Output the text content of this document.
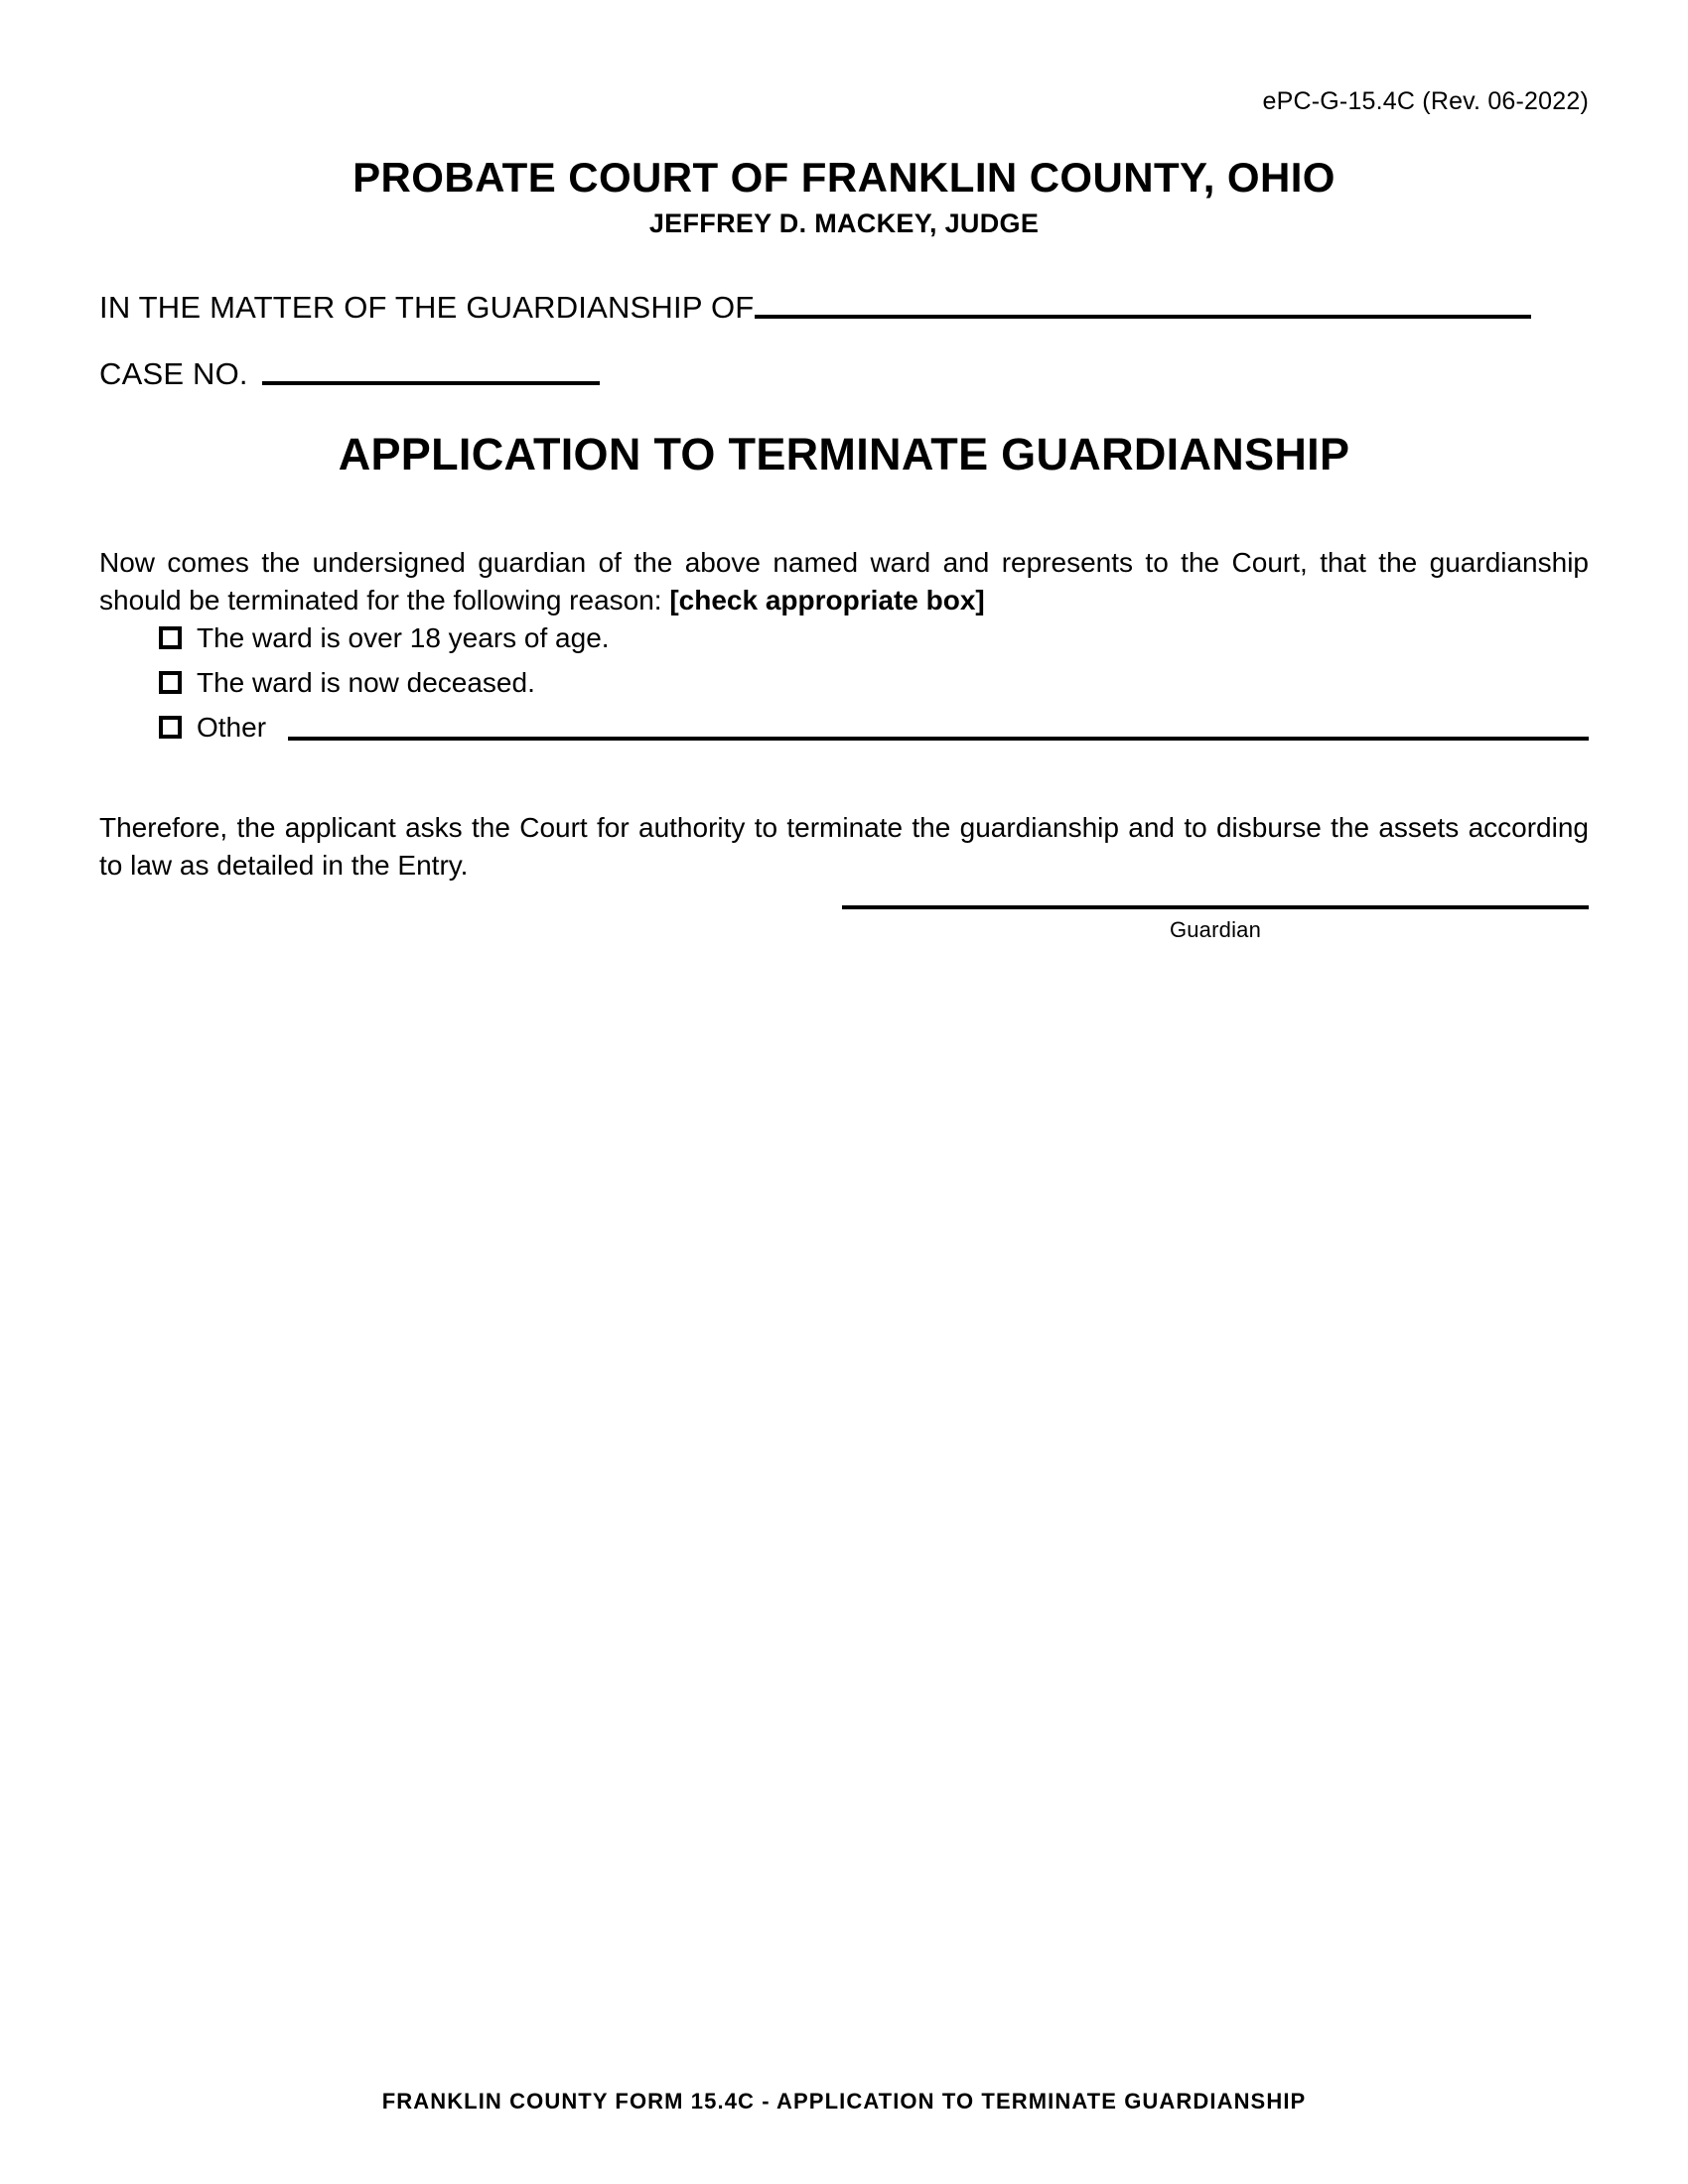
ePC-G-15.4C (Rev. 06-2022)
PROBATE COURT OF FRANKLIN COUNTY, OHIO
JEFFREY D. MACKEY, JUDGE
IN THE MATTER OF THE GUARDIANSHIP OF
CASE NO.
APPLICATION TO TERMINATE GUARDIANSHIP

Now comes the undersigned guardian of the above named ward and represents to the Court, that the guardianship should be terminated for the following reason: [check appropriate box]

The ward is over 18 years of age.
The ward is now deceased.
Other

Therefore, the applicant asks the Court for authority to terminate the guardianship and to disburse the assets according to law as detailed in the Entry.

Guardian
FRANKLIN COUNTY FORM 15.4C - APPLICATION TO TERMINATE GUARDIANSHIP
